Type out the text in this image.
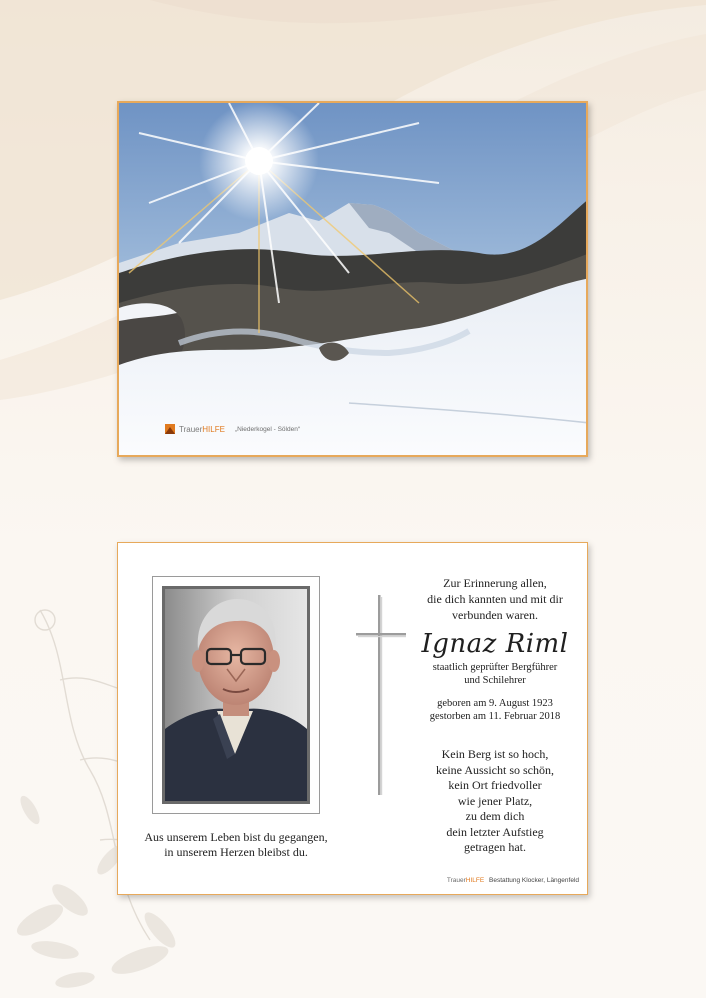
Trauer HILFE „Niederkogel - Sölden“
Aus unserem Leben bist du gegangen,
in unserem Herzen bleibst du.
Zur Erinnerung allen,
die dich kannten und mit dir
verbunden waren.
Ignaz Riml
staatlich geprüfter Bergführer
und Schilehrer
geboren am 9. August 1923
gestorben am 11. Februar 2018
Kein Berg ist so hoch,
keine Aussicht so schön,
kein Ort friedvoller
wie jener Platz,
zu dem dich
dein letzter Aufstieg
getragen hat.
TrauerHILFE Bestattung Klocker, Längenfeld
